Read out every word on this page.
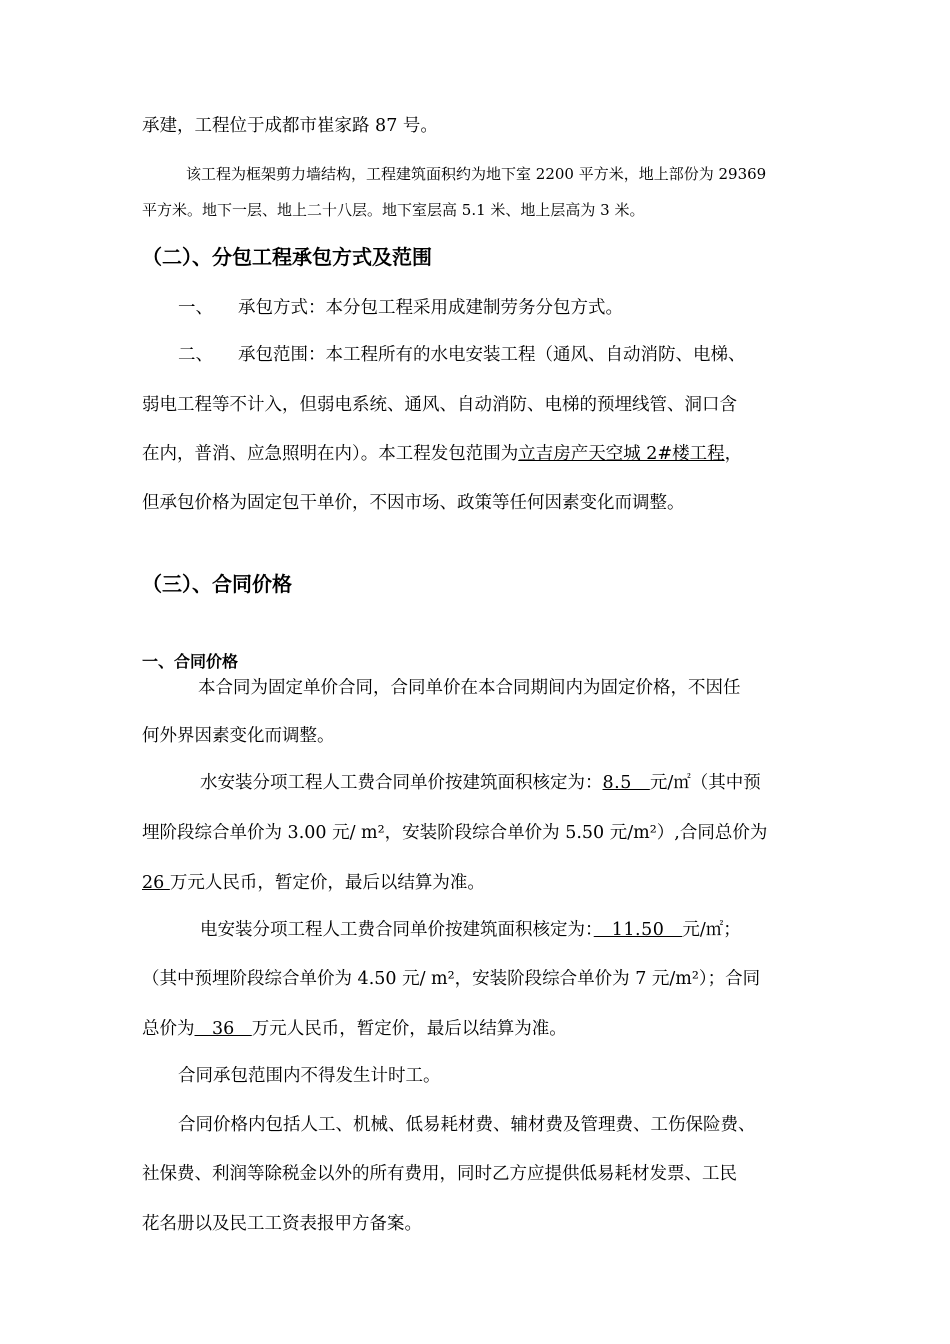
承建，工程位于成都市崔家路 87 号。
该工程为框架剪力墙结构，工程建筑面积约为地下室 2200 平方米，地上部份为 29369
平方米。地下一层、地上二十八层。地下室层高 5.1 米、地上层高为 3 米。
（二）、分包工程承包方式及范围
一、 承包方式：本分包工程采用成建制劳务分包方式。
二、 承包范围：本工程所有的水电安装工程（通风、自动消防、电梯、
弱电工程等不计入，但弱电系统、通风、自动消防、电梯的预埋线管、洞口含
在内，普消、应急照明在内）。本工程发包范围为立吉房产天空城 2#楼工程，
但承包价格为固定包干单价，不因市场、政策等任何因素变化而调整。
（三）、合同价格
一、合同价格
本合同为固定单价合同，合同单价在本合同期间内为固定价格，不因任
何外界因素变化而调整。
水安装分项工程人工费合同单价按建筑面积核定为：8.5　元/㎡（其中预
埋阶段综合单价为 3.00 元/ m²，安装阶段综合单价为 5.50 元/m²）,合同总价为
26 万元人民币，暂定价，最后以结算为准。
电安装分项工程人工费合同单价按建筑面积核定为：　11.50　元/㎡；
（其中预埋阶段综合单价为 4.50 元/ m²，安装阶段综合单价为 7 元/m²）；合同
总价为　36　万元人民币，暂定价，最后以结算为准。
合同承包范围内不得发生计时工。
合同价格内包括人工、机械、低易耗材费、辅材费及管理费、工伤保险费、
社保费、利润等除税金以外的所有费用，同时乙方应提供低易耗材发票、工民
花名册以及民工工资表报甲方备案。
